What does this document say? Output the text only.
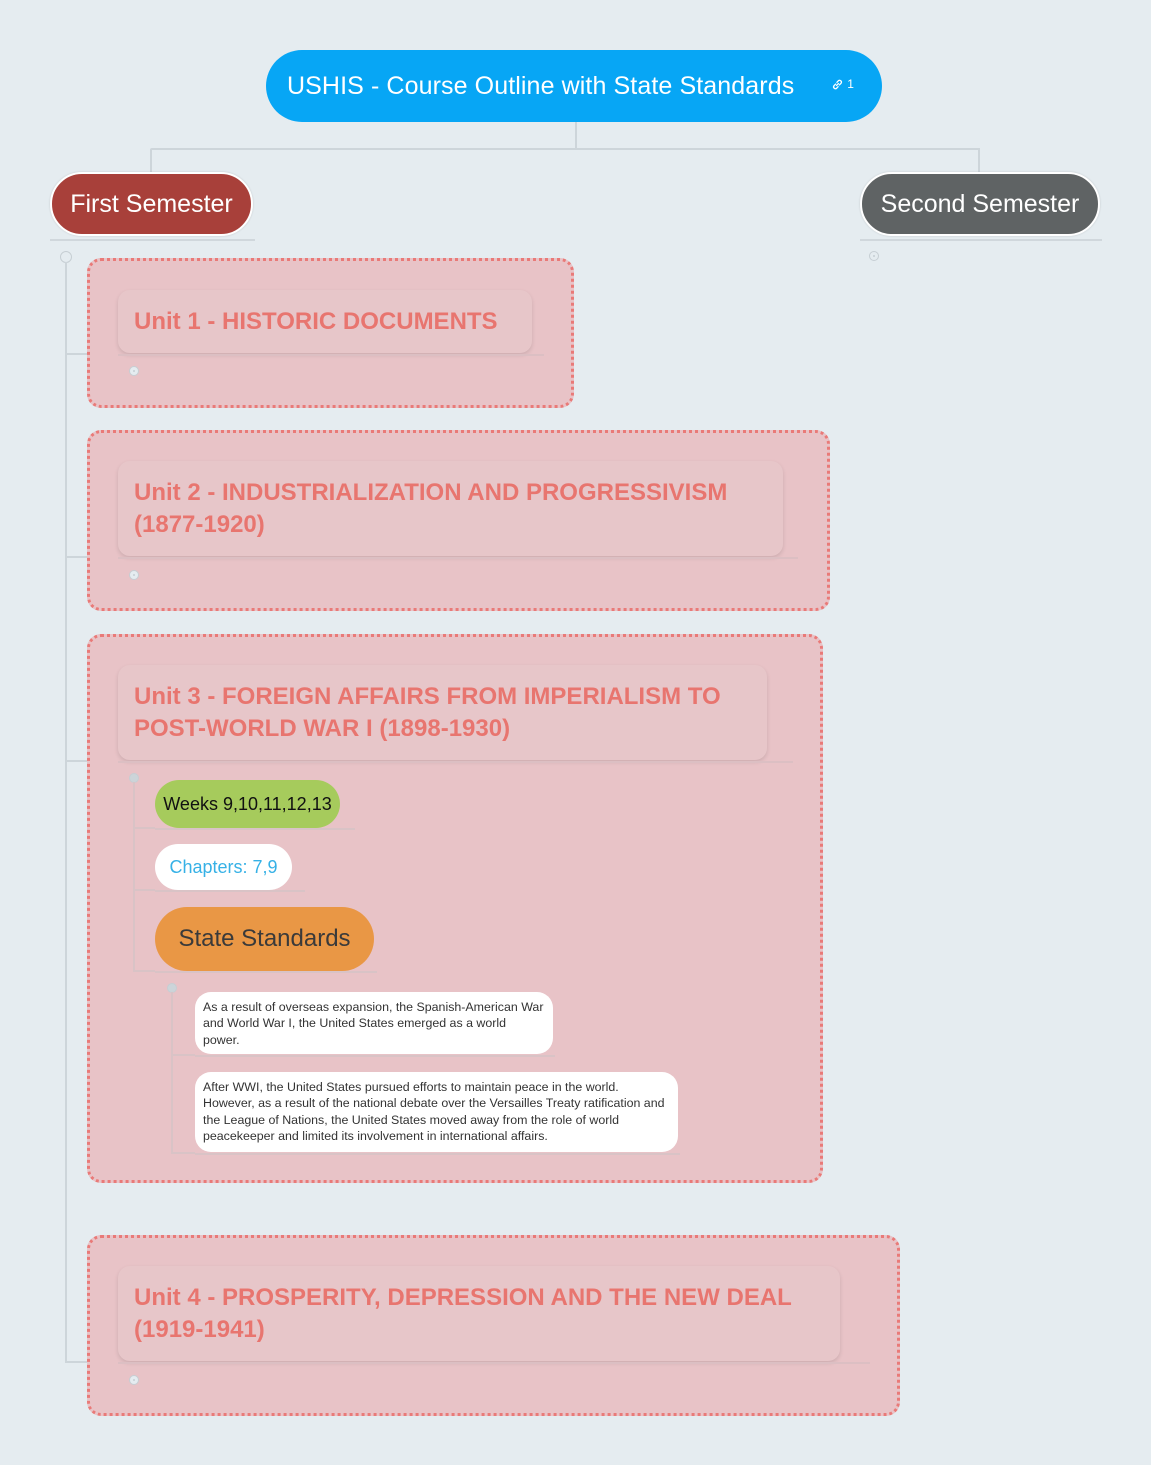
USHIS - Course Outline with State Standards	1
First Semester	Second Semester
Unit 1 - HISTORIC DOCUMENTS
Unit 2 - INDUSTRIALIZATION AND PROGRESSIVISM (1877-1920)
Unit 3 - FOREIGN AFFAIRS FROM IMPERIALISM TO POST-WORLD WAR I (1898-1930)
Weeks 9,10,11,12,13
Chapters: 7,9
State Standards
As a result of overseas expansion, the Spanish-American War and World War I, the United States emerged as a world power.
After WWI, the United States pursued efforts to maintain peace in the world. However, as a result of the national debate over the Versailles Treaty ratification and the League of Nations, the United States moved away from the role of world peacekeeper and limited its involvement in international affairs.
Unit 4 - PROSPERITY, DEPRESSION AND THE NEW DEAL (1919-1941)
